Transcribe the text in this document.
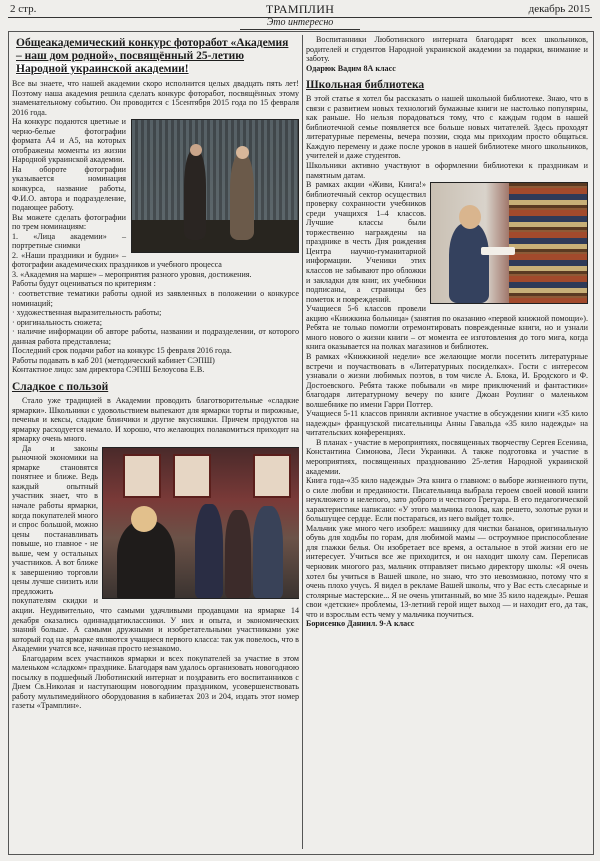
2 стр.	ТРАМПЛИН	декабрь 2015
Это интересно
Общеакадемический конкурс фоторабот «Академия
– наш дом родной», посвящённый 25-летию
Народной украинской академии!

Все вы знаете, что нашей академии скоро исполнится целых двадцать пять лет! Поэтому наша академия решила сделать конкурс фоторабот, посвящённых этому знаменательному событию. Он проводится с 15сентября 2015 года по 15 февраля 2016 года.

На конкурс подаются цветные и черно-белые фотографии формата А4 и А5, на которых отображены моменты из жизни Народной украинской академии.

На обороте фотографии указывается номинация конкурса, название работы, Ф.И.О. автора и подразделение, подающее работу.

Вы можете сделать фотографии по трем номинациям:

1. «Лица академии» – портретные снимки

2. «Наши праздники и будни» – фотографии академических праздников и учебного процесса

3. «Академия на марше» – мероприятия разного уровня, достижения.

Работы будут оцениваться по критериям :

· соответствие тематики работы одной из заявленных в положении о конкурсе номинаций;

· художественная выразительность работы;

· оригинальность сюжета;

· наличие информации об авторе работы, названии и подразделении, от которого данная работа представлена;

Последний срок подачи работ на конкурс 15 февраля 2016 года.

Работы подавать в каб 201 (методический кабинет СЭПШ)

Контактное лицо: зам директора СЭПШ Белоусова Е.В.

Сладкое с пользой

Стало уже традицией в Академии проводить благотворительные «сладкие ярмарки». Школьники с удовольствием выпекают для ярмарки торты и пирожные, печенья и кексы, сладкие блинчики и другие вкусняшки. Причем продуктов на ярмарку расходуется немало. И хорошо, что желающих полакомиться приходит на ярмарку очень много.

Да и законы рыночной экономики на ярмарке становятся понятнее и ближе. Ведь каждый опытный участник знает, что в начале работы ярмарки, когда покупателей много и спрос большой, можно цены постанавливать повыше, но главное - не выше, чем у остальных участников. А вот ближе к завершению торговли цены лучше снизить или предложить покупателям скидки и акции. Неудивительно, что самыми удачливыми продавцами на ярмарке 14 декабря оказались одиннадцатиклассники. У них и опыта, и экономических знаний больше. А самыми дружными и изобретательными участниками уже который год на ярмарке являются учащиеся первого класса: так уж повелось, что в Академии учатся все, начиная просто незнакомо.

Благодарим всех участников ярмарки и всех покупателей за участие в этом маленьком «сладком» празднике. Благодаря вам удалось организовать новогоднюю посылку в подшефный Люботинский интернат и поздравить его воспитанников с Днем Св.Николая и наступающим новогодним праздником, усовершенствовать работу мультимедийного оборудования в кабинетах 203 и 204, издать этот номер газеты «Трамплин».

Воспитанники Люботинского интерната благодарят всех школьников, родителей и студентов Народной украинской академии за подарки, внимание и заботу.

Одарюк Вадим 8А класс

Школьная библиотека

В этой статье я хотел бы рассказать о нашей школьной библиотеке. Знаю, что в связи с развитием новых технологий бумажные книги не настолько популярны, как раньше. Но нельзя порадоваться тому, что с каждым годом в нашей библиотечной семье появляется все больше новых читателей. Здесь проходят литературные перемены, вечера поэзии, сюда мы приходим просто общаться. Каждую перемену и даже после уроков в нашей библиотеке много школьников, учителей и даже студентов.

Школьники активно участвуют в оформлении библиотеки к праздникам и памятным датам.

В рамках акции «Живи, Книга!» библиотечный сектор осуществил проверку сохранности учебников среди учащихся 1–4 классов. Лучшие классы были торжественно награждены на празднике в честь Дня рождения Центра научно-гуманитарной информации. Ученики этих классов не забывают про обложки и закладки для книг, их учебники подписаны, а страницы без пометок и повреждений.

Учащиеся 5-6 классов провели акцию «Книжкина больница» (занятия по оказанию «первой книжной помощи»). Ребята не только помогли отремонтировать поврежденные книги, но и узнали много нового о жизни книги – от момента ее изготовления до того мига, когда книга оказывается на полках магазинов и библиотек.

В рамках «Книжкиной недели» все желающие могли посетить литературные встречи и поучаствовать в «Литературных посиделках». Гости с интересом узнавали о жизни любимых поэтов, в том числе А. Блока, И. Бродского и Ф. Достоевского. Ребята также побывали «в мире приключений и фантастики» благодаря литературному вечеру по книге Джоан Роулинг о маленьком волшебнике по имени Гарри Поттер.

Учащиеся 5-11 классов приняли активное участие в обсуждении книги «35 кило надежды» французской писательницы Анны Гавальда «35 кило надежды» на читательских конференциях.

В планах - участие в мероприятиях, посвященных творчеству Сергея Есенина, Константина Симонова, Леси Украинки. А также подготовка и участие в мероприятиях, посвященных празднованию 25-летия Народной украинской академии.

Книга года-«35 кило надежды» Эта книга о главном: о выборе жизненного пути, о силе любви и преданности. Писательница выбрала героем своей новой книги неуклюжего и нелепого, зато доброго и честного Грегуара. В его педагогической характеристике написано: «У этого мальчика голова, как решето, золотые руки и большущее сердце. Если постараться, из него выйдет толк».

Мальчик уже много чего изобрел: машинку для чистки бананов, оригинальную обувь для ходьбы по горам, для любимой мамы — остроумное приспособление для глажки белья. Он изобретает все время, а остальное в этой жизни его не интересует. Учиться все же приходится, и он находит школу сам. Переписав черновик многого раз, мальчик отправляет письмо директору школы: «Я очень хотел бы учиться в Вашей школе, но знаю, что это невозможно, потому что я очень плохо учусь. Я видел в рекламе Вашей школы, что у Вас есть слесарные и столярные мастерские... Я не очень упитанный, во мне 35 кило надежды». Решая свои «детские» проблемы, 13-летний герой ищет выход — и находит его, да так, что и взрослым есть чему у мальчика поучиться.

Борисенко Даниил. 9-А класс
